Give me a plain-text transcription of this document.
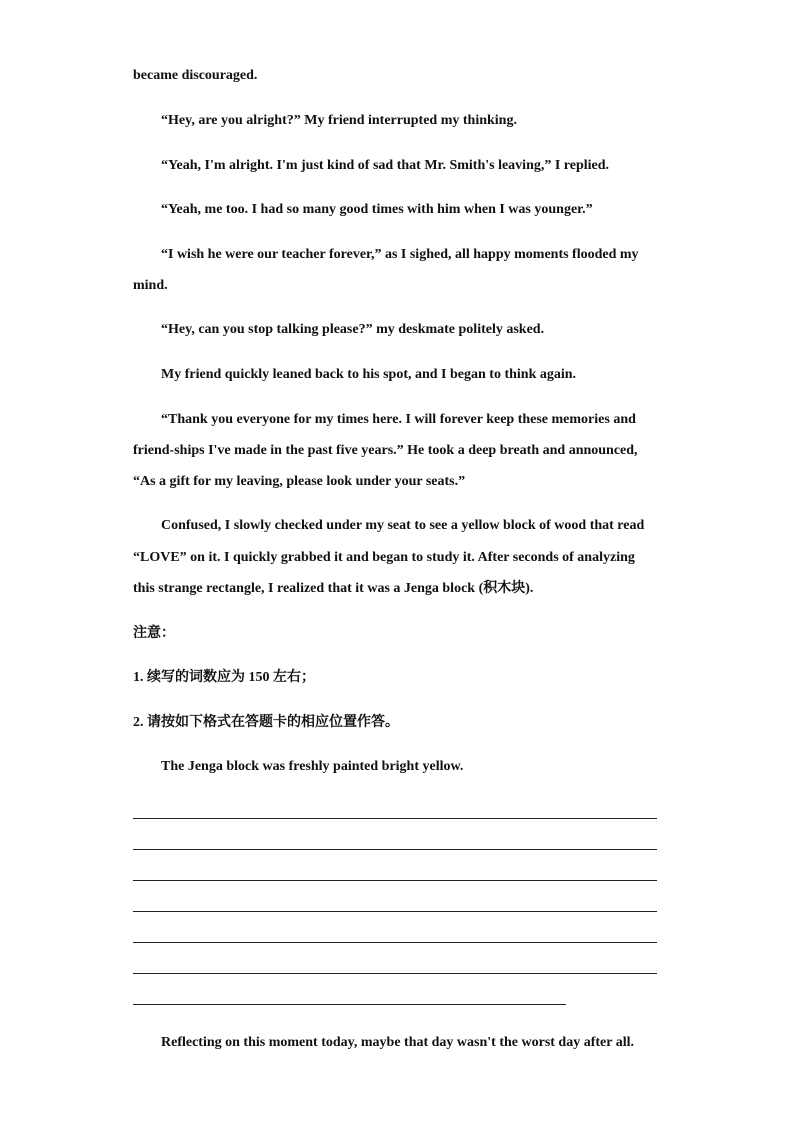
became discouraged.
“Hey, are you alright?” My friend interrupted my thinking.
“Yeah, I'm alright. I'm just kind of sad that Mr. Smith's leaving,” I replied.
“Yeah, me too. I had so many good times with him when I was younger.”
“I wish he were our teacher forever,” as I sighed, all happy moments flooded my
mind.
“Hey, can you stop talking please?” my deskmate politely asked.
My friend quickly leaned back to his spot, and I began to think again.
“Thank you everyone for my times here. I will forever keep these memories and
friend-ships I've made in the past five years.” He took a deep breath and announced,
“As a gift for my leaving, please look under your seats.”
Confused, I slowly checked under my seat to see a yellow block of wood that read
“LOVE” on it. I quickly grabbed it and began to study it. After seconds of analyzing
this strange rectangle, I realized that it was a Jenga block (积木块).
注意：
1. 续写的词数应为 150 左右；
2. 请按如下格式在答题卡的相应位置作答。
The Jenga block was freshly painted bright yellow.
Reflecting on this moment today, maybe that day wasn't the worst day after all.
